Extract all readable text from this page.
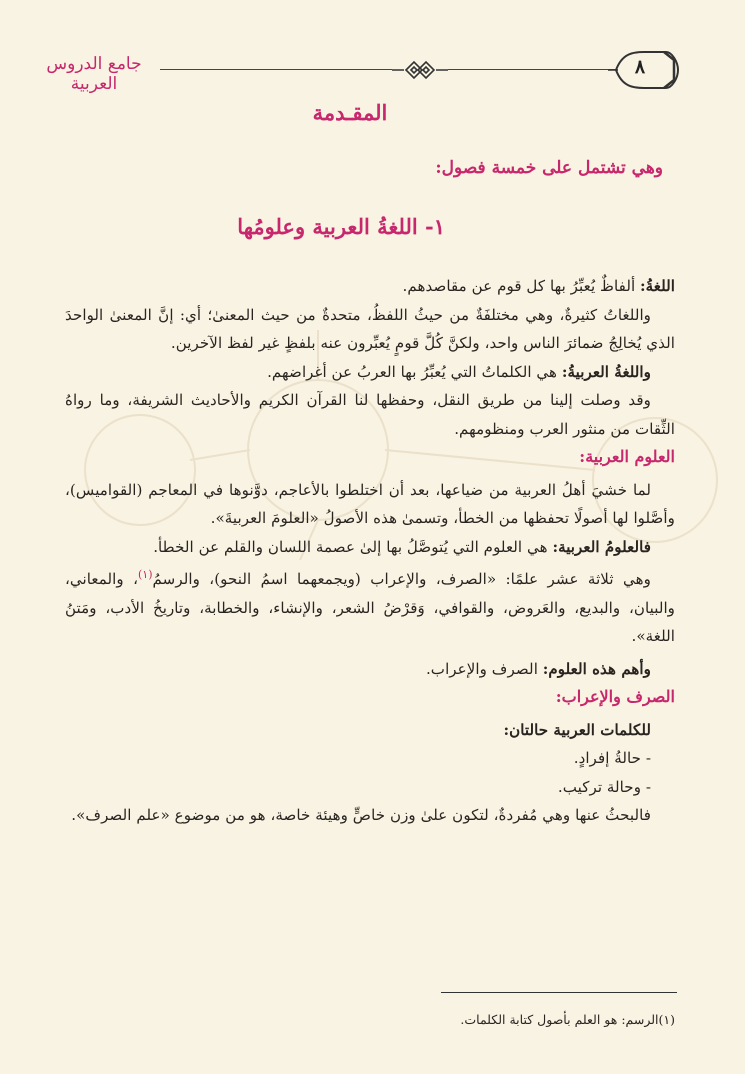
جامع الدروس العربية
٨
المقـدمة
وهي تشتمل على خمسة فصول:
١- اللغةُ العربية وعلومُها

اللغةُ: ألفاظٌ يُعبِّرُ بها كل قوم عن مقاصدهم.

واللغاتُ كثيرةٌ، وهي مختلفَةٌ من حيثُ اللفظُ، متحدةٌ من حيث المعنىٰ؛ أي: إنَّ المعنىٰ الواحدَ الذي يُخالِجُ ضمائرَ الناس واحد، ولكنَّ كُلَّ قومٍ يُعبِّرون عنه بلفظٍ غير لفظ الآخرين.

واللغةُ العربيةُ: هي الكلماتُ التي يُعبِّرُ بها العربُ عن أغراضهم.

وقد وصلت إلينا من طريق النقل، وحفظها لنا القرآن الكريم والأحاديث الشريفة، وما رواهُ الثِّقات من منثور العرب ومنظومهم.

العلوم العربية:

لما خشيَ أهلُ العربية من ضياعها، بعد أن اختلطوا بالأعاجم، دوَّنوها في المعاجم (القواميس)، وأصَّلوا لها أصولًا تحفظها من الخطأ، وتسمىٰ هذه الأصولُ «العلومَ العربيةَ».

فالعلومُ العربية: هي العلوم التي يُتوصَّلُ بها إلىٰ عصمة اللسان والقلم عن الخطأ.

وهي ثلاثة عشر علمًا: «الصرف، والإعراب (ويجمعهما اسمُ النحو)، والرسمُ$^{(١)}$، والمعاني، والبيان، والبديع، والعَروض، والقوافي، وَقرْضُ الشعر، والإنشاء، والخطابة، وتاريخُ الأدب، ومَتنُ اللغة».

وأهم هذه العلوم: الصرف والإعراب.

الصرف والإعراب:

للكلمات العربية حالتان:

- حالةُ إفرادٍ.

- وحالة تركيب.

فالبحثُ عنها وهي مُفردةٌ، لتكون علىٰ وزن خاصٍّ وهيئة خاصة، هو من موضوع «علم الصرف».

(١)الرسم: هو العلم بأصول كتابة الكلمات.
